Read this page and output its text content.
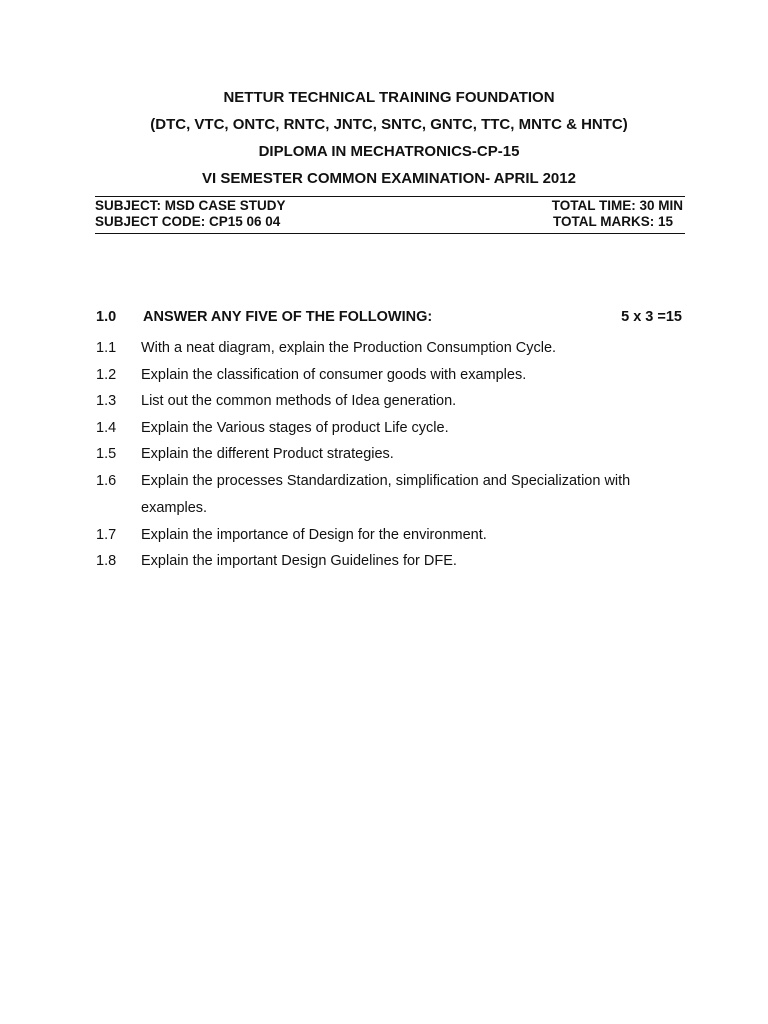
NETTUR TECHNICAL TRAINING FOUNDATION
(DTC, VTC, ONTC, RNTC, JNTC, SNTC, GNTC, TTC, MNTC & HNTC)
DIPLOMA IN MECHATRONICS-CP-15
VI SEMESTER COMMON EXAMINATION- APRIL 2012
SUBJECT: MSD CASE STUDY	TOTAL TIME: 30 MIN
SUBJECT CODE: CP15 06 04	TOTAL MARKS: 15
1.0 ANSWER ANY FIVE OF THE FOLLOWING:	5 x 3 =15
1.1 With a neat diagram, explain the Production Consumption Cycle.
1.2 Explain the classification of consumer goods with examples.
1.3 List out the common methods of Idea generation.
1.4 Explain the Various stages of product Life cycle.
1.5 Explain the different Product strategies.
1.6 Explain the processes Standardization, simplification and Specialization with
examples.
1.7 Explain the importance of Design for the environment.
1.8 Explain the important Design Guidelines for DFE.
